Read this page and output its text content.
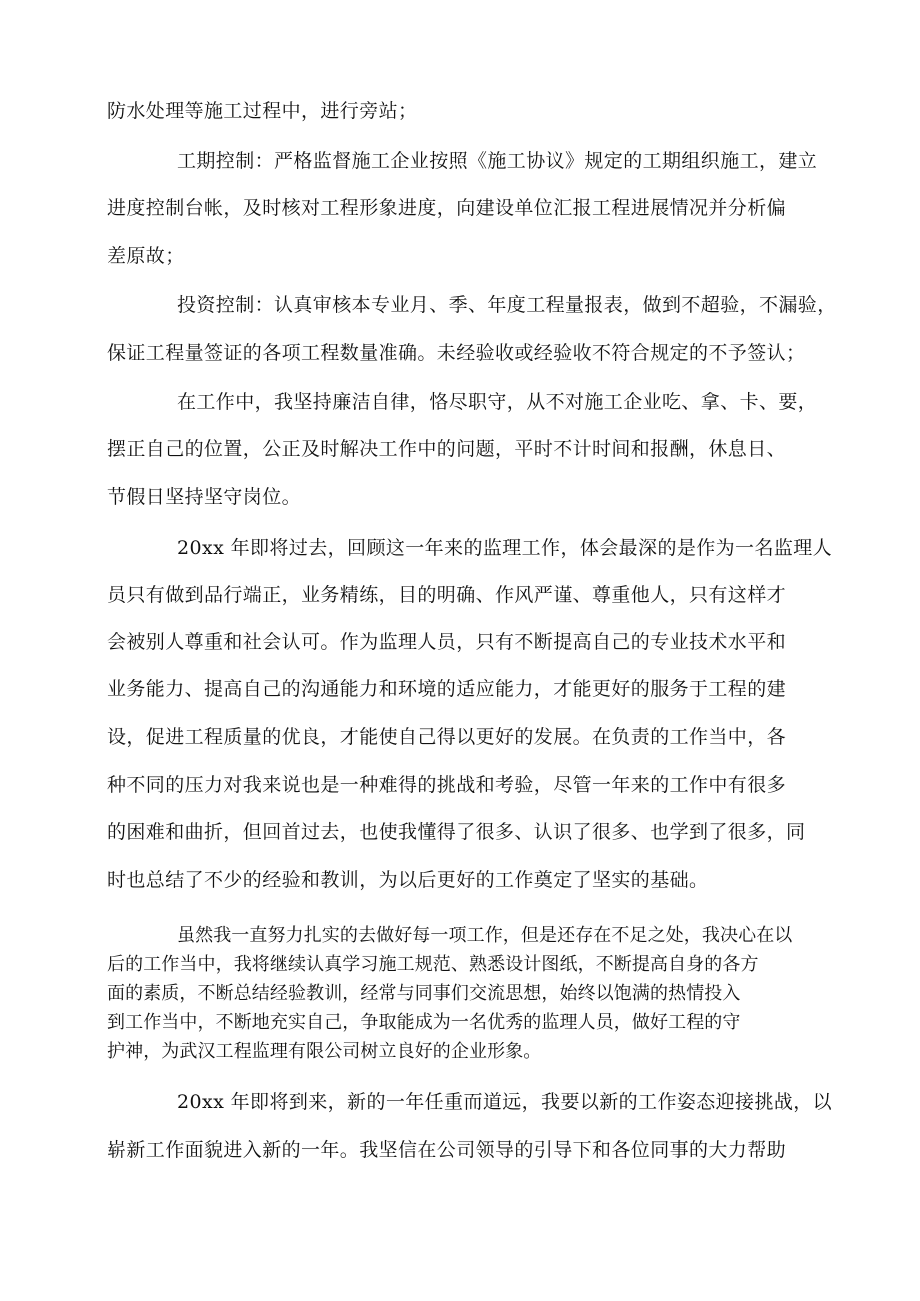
防水处理等施工过程中，进行旁站；
工期控制：严格监督施工企业按照《施工协议》规定的工期组织施工，建立
进度控制台帐，及时核对工程形象进度，向建设单位汇报工程进展情况并分析偏
差原故；
投资控制：认真审核本专业月、季、年度工程量报表，做到不超验，不漏验，
保证工程量签证的各项工程数量准确。未经验收或经验收不符合规定的不予签认；
在工作中，我坚持廉洁自律，恪尽职守，从不对施工企业吃、拿、卡、要，
摆正自己的位置，公正及时解决工作中的问题，平时不计时间和报酬，休息日、
节假日坚持坚守岗位。
20xx 年即将过去，回顾这一年来的监理工作，体会最深的是作为一名监理人
员只有做到品行端正，业务精练，目的明确、作风严谨、尊重他人，只有这样才
会被别人尊重和社会认可。作为监理人员，只有不断提高自己的专业技术水平和
业务能力、提高自己的沟通能力和环境的适应能力，才能更好的服务于工程的建
设，促进工程质量的优良，才能使自己得以更好的发展。在负责的工作当中，各
种不同的压力对我来说也是一种难得的挑战和考验，尽管一年来的工作中有很多
的困难和曲折，但回首过去，也使我懂得了很多、认识了很多、也学到了很多，同
时也总结了不少的经验和教训，为以后更好的工作奠定了坚实的基础。
虽然我一直努力扎实的去做好每一项工作，但是还存在不足之处，我决心在以
后的工作当中，我将继续认真学习施工规范、熟悉设计图纸，不断提高自身的各方
面的素质，不断总结经验教训，经常与同事们交流思想，始终以饱满的热情投入
到工作当中，不断地充实自己，争取能成为一名优秀的监理人员，做好工程的守
护神，为武汉工程监理有限公司树立良好的企业形象。
20xx 年即将到来，新的一年任重而道远，我要以新的工作姿态迎接挑战，以
崭新工作面貌进入新的一年。我坚信在公司领导的引导下和各位同事的大力帮助
